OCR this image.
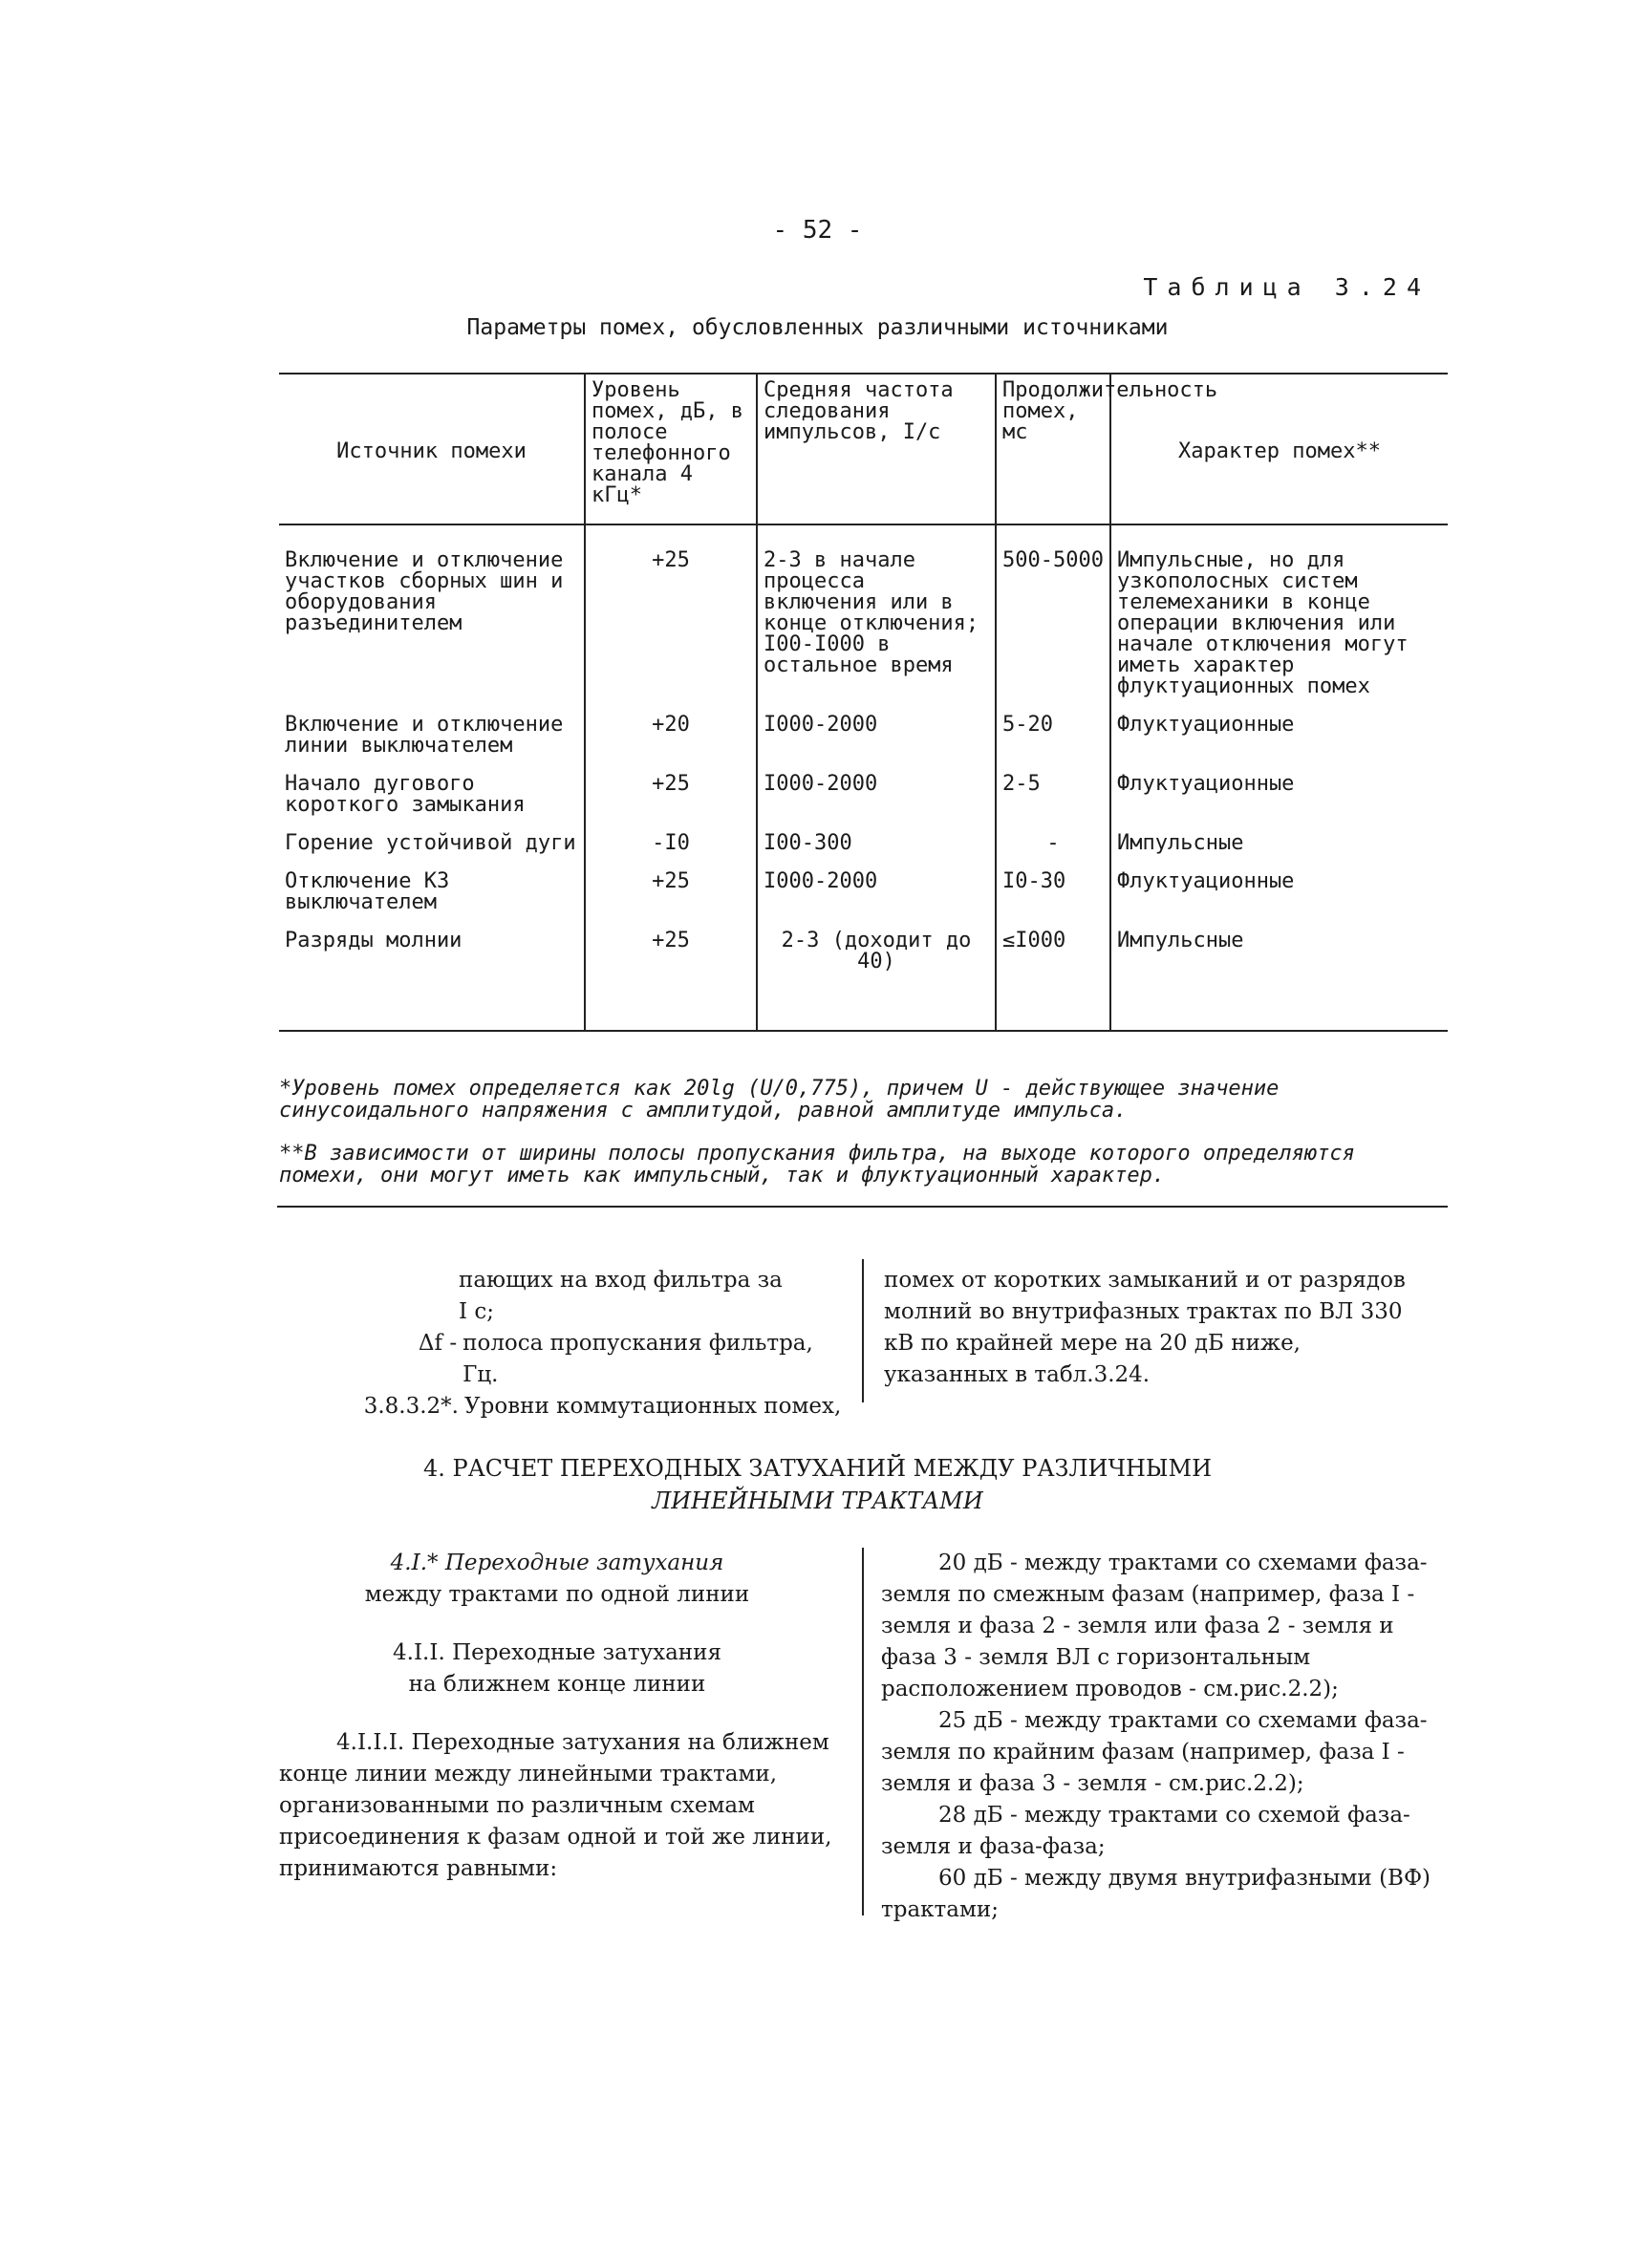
- 52 -
Таблица 3.24
Параметры помех, обусловленных различными источниками
Источник помехи	Уровень помех, дБ, в полосе телефонного канала 4 кГц*	Средняя частота следования импульсов, I/с	Продолжительность помех, мс	Характер помех**
Включение и отключение участков сборных шин и оборудования разъединителем	+25	2-3 в начале процесса включения или в конце отключения; I00-I000 в остальное время	500-5000	Импульсные, но для узкополосных систем телемеханики в конце операции включения или начале отключения могут иметь характер флуктуационных помех
Включение и отключение линии выключателем	+20	I000-2000	5-20	Флуктуационные
Начало дугового короткого замыкания	+25	I000-2000	2-5	Флуктуационные
Горение устойчивой дуги	-I0	I00-300	-	Импульсные
Отключение КЗ выключателем	+25	I000-2000	I0-30	Флуктуационные
Разряды молнии	+25	2-3 (доходит до 40)	≤I000	Импульсные
*Уровень помех определяется как 20lg (U/0,775), причем U - действующее значение синусоидального напряжения с амплитудой, равной амплитуде импульса.
**В зависимости от ширины полосы пропускания фильтра, на выходе которого определяются помехи, они могут иметь как импульсный, так и флуктуационный характер.

пающих на вход фильтра за

I с;

Δf - полоса пропускания фильтра, Гц.
3.8.3.2*. Уровни коммутационных помех,
помех от коротких замыканий и от разрядов молний во внутрифазных трактах по ВЛ 330 кВ по крайней мере на 20 дБ ниже, указанных в табл.3.24.
4. РАСЧЕТ ПЕРЕХОДНЫХ ЗАТУХАНИЙ МЕЖДУ РАЗЛИЧНЫМИ
ЛИНЕЙНЫМИ ТРАКТАМИ

4.I.* Переходные затухания

между трактами по одной линии

4.I.I. Переходные затухания

на ближнем конце линии

4.I.I.I. Переходные затухания на ближнем конце линии между линейными трактами, организованными по различным схемам присоединения к фазам одной и той же линии, принимаются равными:

20 дБ - между трактами со схемами фаза-земля по смежным фазам (например, фаза I - земля и фаза 2 - земля или фаза 2 - земля и фаза 3 - земля ВЛ с горизонтальным расположением проводов - см.рис.2.2);

25 дБ - между трактами со схемами фаза-земля по крайним фазам (например, фаза I - земля и фаза 3 - земля - см.рис.2.2);

28 дБ - между трактами со схемой фаза-земля и фаза-фаза;

60 дБ - между двумя внутрифазными (ВФ) трактами;
